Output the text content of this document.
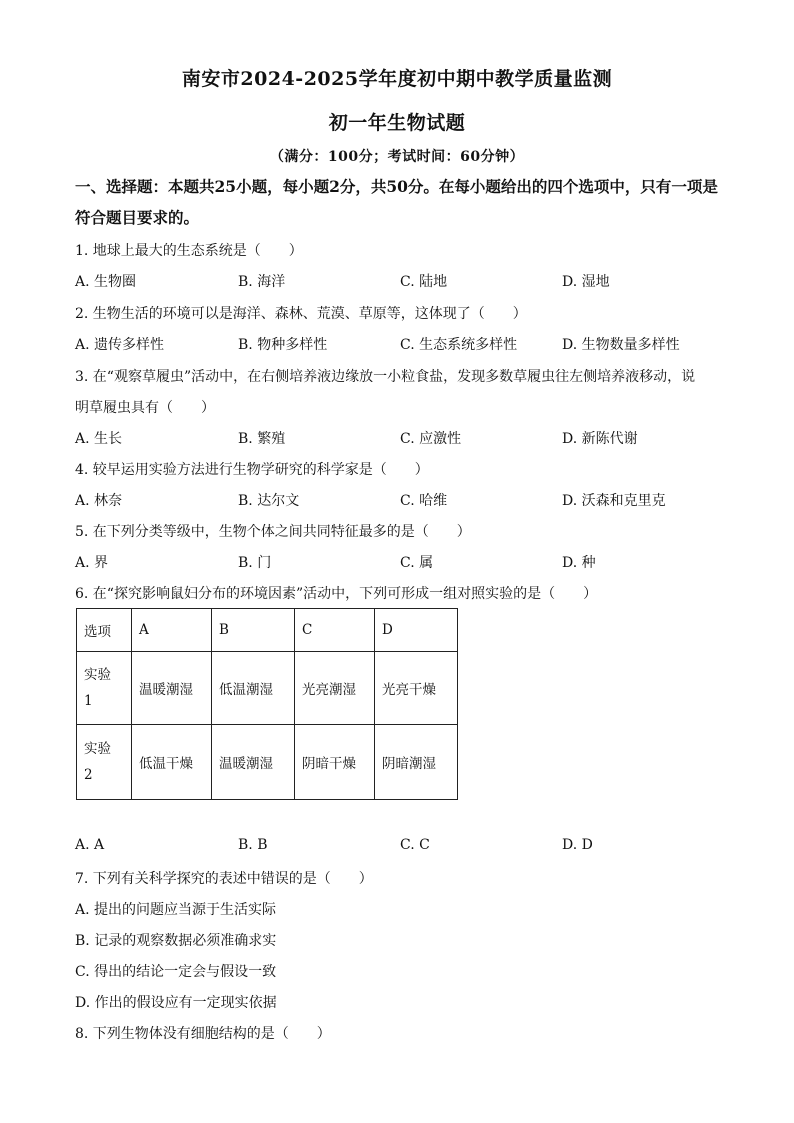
南安市2024-2025学年度初中期中教学质量监测
初一年生物试题
（满分：100分；考试时间：60分钟）
一、选择题：本题共25小题，每小题2分，共50分。在每小题给出的四个选项中，只有一项是符合题目要求的。
1. 地球上最大的生态系统是（　　）
A. 生物圈	B. 海洋	C. 陆地	D. 湿地
2. 生物生活的环境可以是海洋、森林、荒漠、草原等，这体现了（　　）
A. 遗传多样性	B. 物种多样性	C. 生态系统多样性	D. 生物数量多样性
3. 在“观察草履虫”活动中，在右侧培养液边缘放一小粒食盐，发现多数草履虫往左侧培养液移动，说
明草履虫具有（　　）
A. 生长	B. 繁殖	C. 应激性	D. 新陈代谢
4. 较早运用实验方法进行生物学研究的科学家是（　　）
A. 林奈	B. 达尔文	C. 哈维	D. 沃森和克里克
5. 在下列分类等级中，生物个体之间共同特征最多的是（　　）
A. 界	B. 门	C. 属	D. 种
6. 在“探究影响鼠妇分布的环境因素”活动中，下列可形成一组对照实验的是（　　）
选项	A	B	C	D

实验
1	温暖潮湿	低温潮湿	光亮潮湿	光亮干燥

实验
2	低温干燥	温暖潮湿	阴暗干燥	阴暗潮湿
A. A	B. B	C. C	D. D
7. 下列有关科学探究的表述中错误的是（　　）
A. 提出的问题应当源于生活实际
B. 记录的观察数据必须准确求实
C. 得出的结论一定会与假设一致
D. 作出的假设应有一定现实依据
8. 下列生物体没有细胞结构的是（　　）
